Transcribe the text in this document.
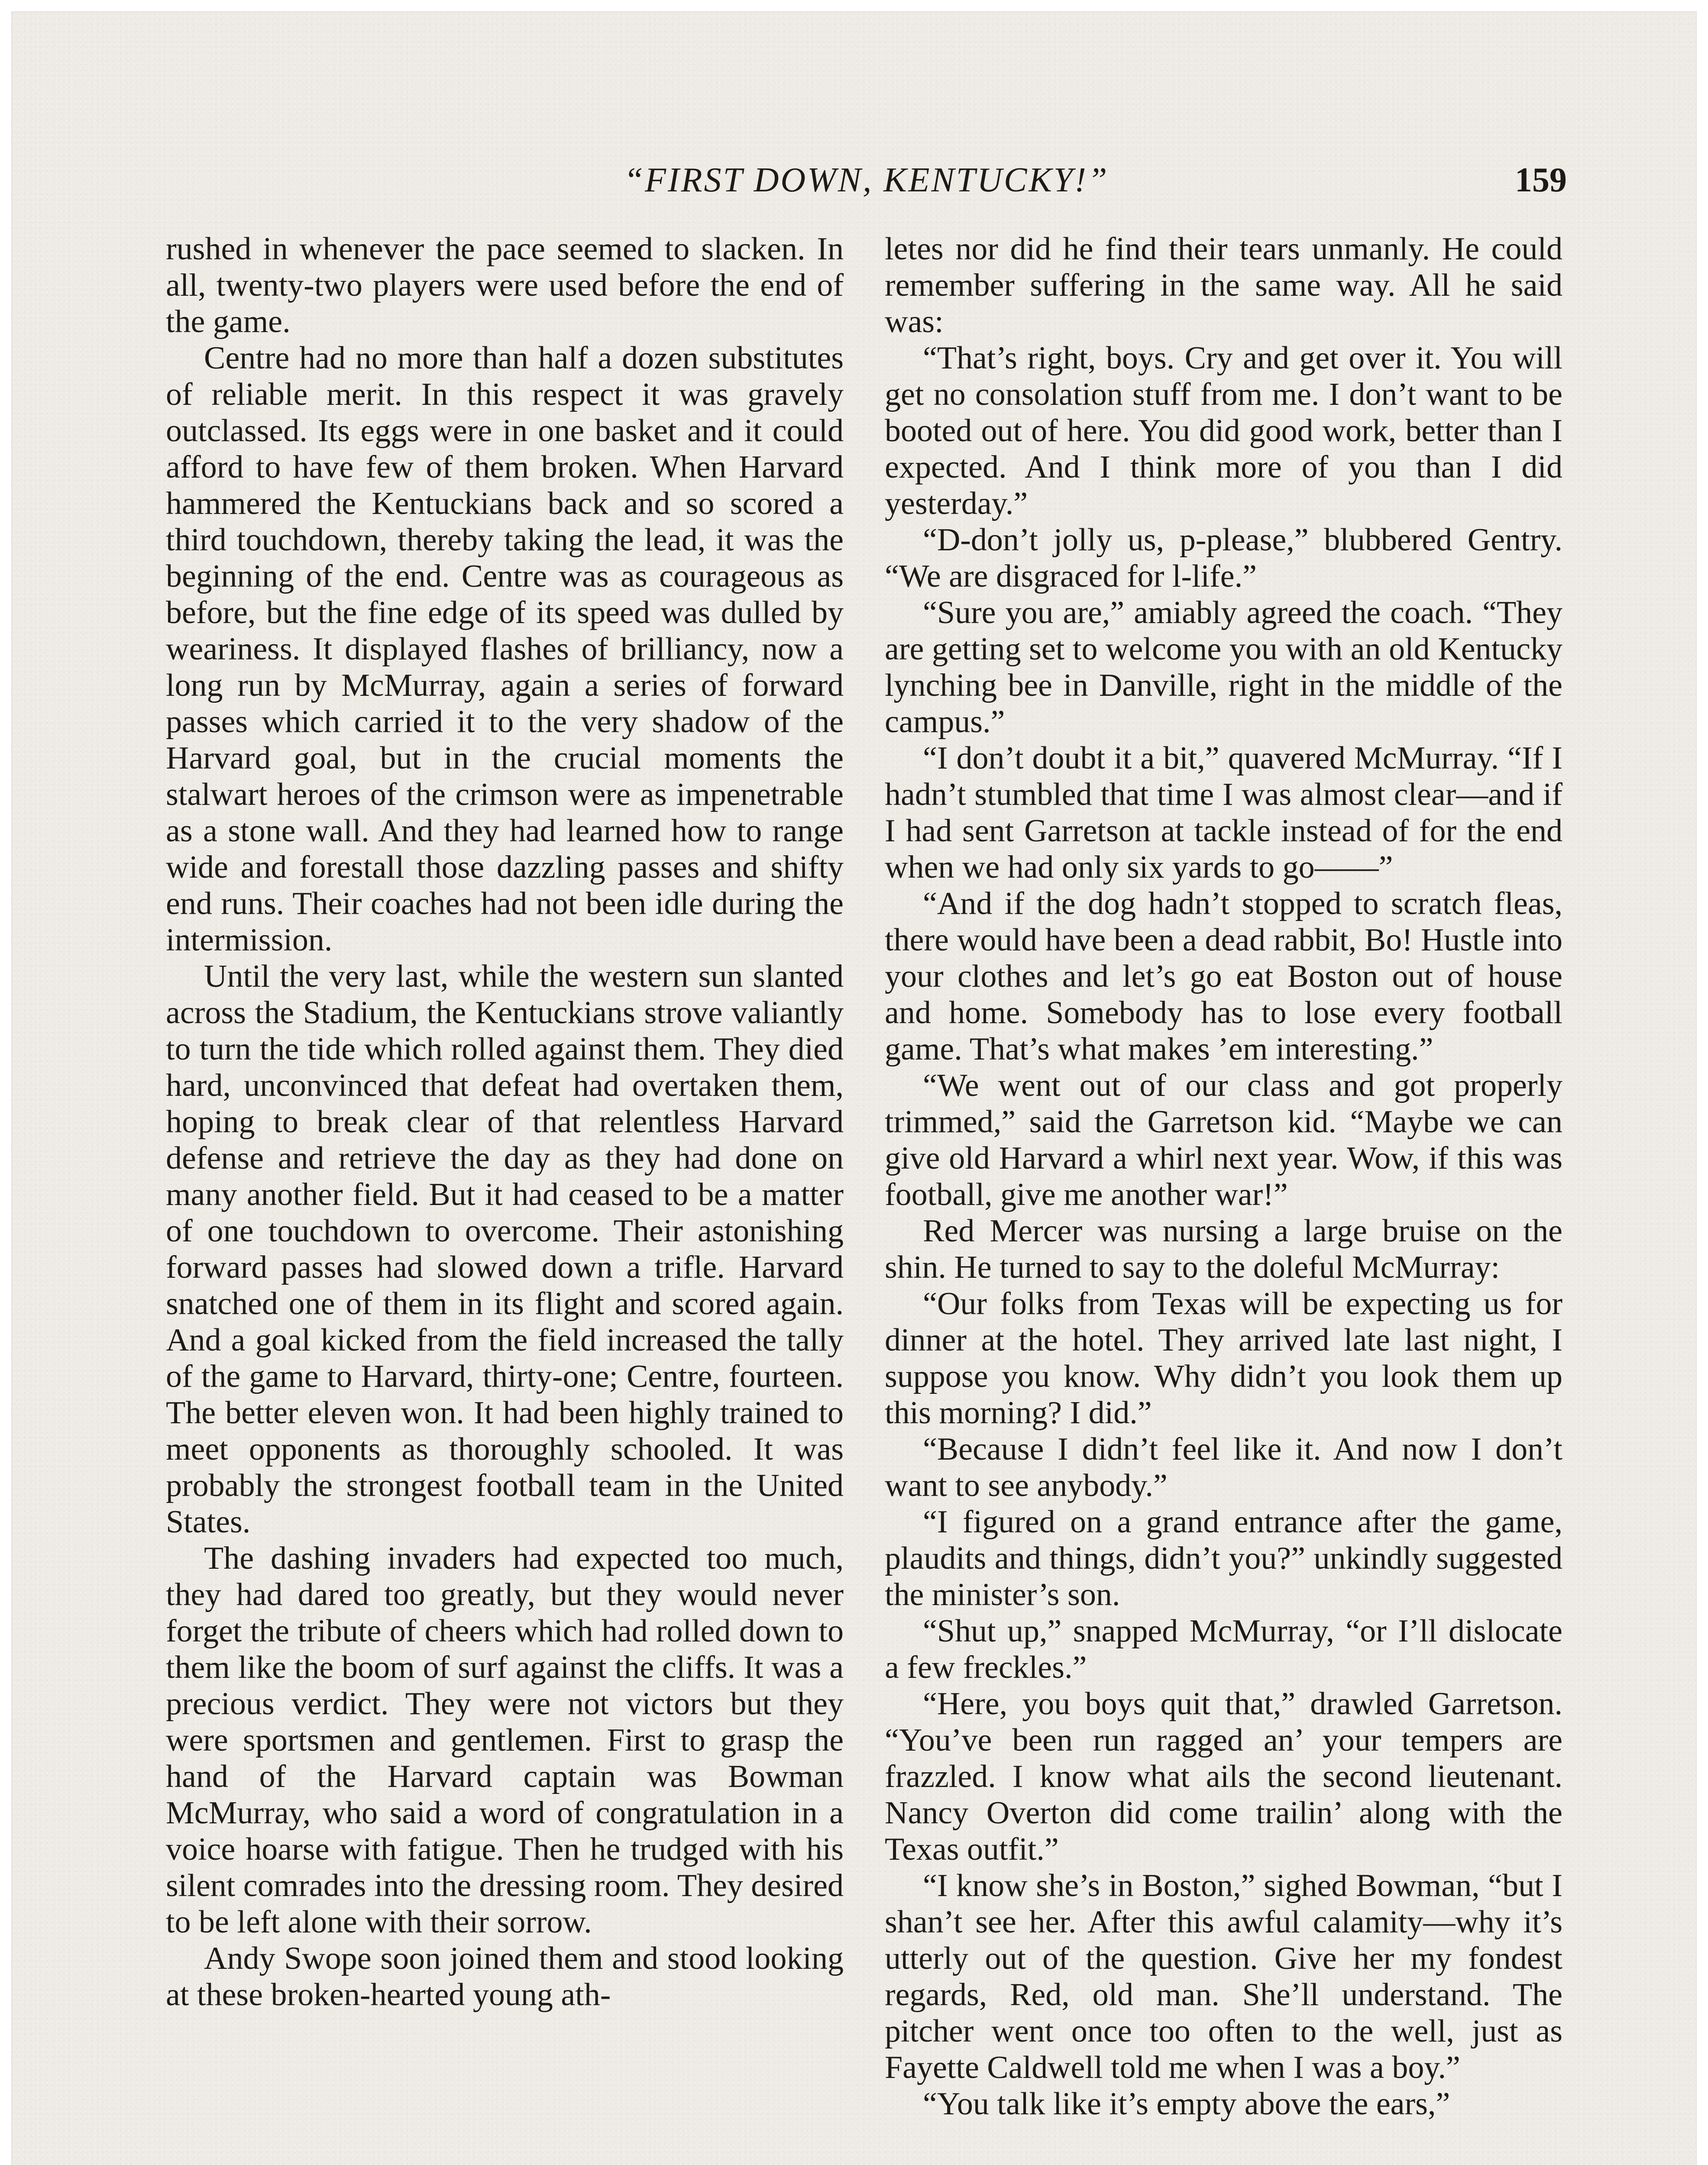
“FIRST DOWN, KENTUCKY!”	159

rushed in whenever the pace seemed to slacken. In all, twenty-two players were used before the end of the game.

Centre had no more than half a dozen substitutes of reliable merit. In this respect it was gravely outclassed. Its eggs were in one basket and it could afford to have few of them broken. When Harvard hammered the Kentuckians back and so scored a third touchdown, thereby taking the lead, it was the beginning of the end. Centre was as courageous as before, but the fine edge of its speed was dulled by weariness. It displayed flashes of brilliancy, now a long run by McMurray, again a series of forward passes which carried it to the very shadow of the Harvard goal, but in the crucial moments the stalwart heroes of the crimson were as impenetrable as a stone wall. And they had learned how to range wide and forestall those dazzling passes and shifty end runs. Their coaches had not been idle during the intermission.

Until the very last, while the western sun slanted across the Stadium, the Kentuckians strove valiantly to turn the tide which rolled against them. They died hard, unconvinced that defeat had overtaken them, hoping to break clear of that relentless Harvard defense and retrieve the day as they had done on many another field. But it had ceased to be a matter of one touchdown to overcome. Their astonishing forward passes had slowed down a trifle. Harvard snatched one of them in its flight and scored again. And a goal kicked from the field increased the tally of the game to Harvard, thirty-one; Centre, fourteen. The better eleven won. It had been highly trained to meet opponents as thoroughly schooled. It was probably the strongest football team in the United States.

The dashing invaders had expected too much, they had dared too greatly, but they would never forget the tribute of cheers which had rolled down to them like the boom of surf against the cliffs. It was a precious verdict. They were not victors but they were sportsmen and gentlemen. First to grasp the hand of the Harvard captain was Bowman McMurray, who said a word of congratulation in a voice hoarse with fatigue. Then he trudged with his silent comrades into the dressing room. They desired to be left alone with their sorrow.

Andy Swope soon joined them and stood looking at these broken-hearted young ath-

letes nor did he find their tears unmanly. He could remember suffering in the same way. All he said was:

“That’s right, boys. Cry and get over it. You will get no consolation stuff from me. I don’t want to be booted out of here. You did good work, better than I expected. And I think more of you than I did yesterday.”

“D-don’t jolly us, p-please,” blubbered Gentry. “We are disgraced for l-life.”

“Sure you are,” amiably agreed the coach. “They are getting set to welcome you with an old Kentucky lynching bee in Danville, right in the middle of the campus.”

“I don’t doubt it a bit,” quavered McMurray. “If I hadn’t stumbled that time I was almost clear—and if I had sent Garretson at tackle instead of for the end when we had only six yards to go——”

“And if the dog hadn’t stopped to scratch fleas, there would have been a dead rabbit, Bo! Hustle into your clothes and let’s go eat Boston out of house and home. Somebody has to lose every football game. That’s what makes ’em interesting.”

“We went out of our class and got properly trimmed,” said the Garretson kid. “Maybe we can give old Harvard a whirl next year. Wow, if this was football, give me another war!”

Red Mercer was nursing a large bruise on the shin. He turned to say to the doleful McMurray:

“Our folks from Texas will be expecting us for dinner at the hotel. They arrived late last night, I suppose you know. Why didn’t you look them up this morning? I did.”

“Because I didn’t feel like it. And now I don’t want to see anybody.”

“I figured on a grand entrance after the game, plaudits and things, didn’t you?” unkindly suggested the minister’s son.

“Shut up,” snapped McMurray, “or I’ll dislocate a few freckles.”

“Here, you boys quit that,” drawled Garretson. “You’ve been run ragged an’ your tempers are frazzled. I know what ails the second lieutenant. Nancy Overton did come trailin’ along with the Texas outfit.”

“I know she’s in Boston,” sighed Bowman, “but I shan’t see her. After this awful calamity—why it’s utterly out of the question. Give her my fondest regards, Red, old man. She’ll understand. The pitcher went once too often to the well, just as Fayette Caldwell told me when I was a boy.”

“You talk like it’s empty above the ears,”
